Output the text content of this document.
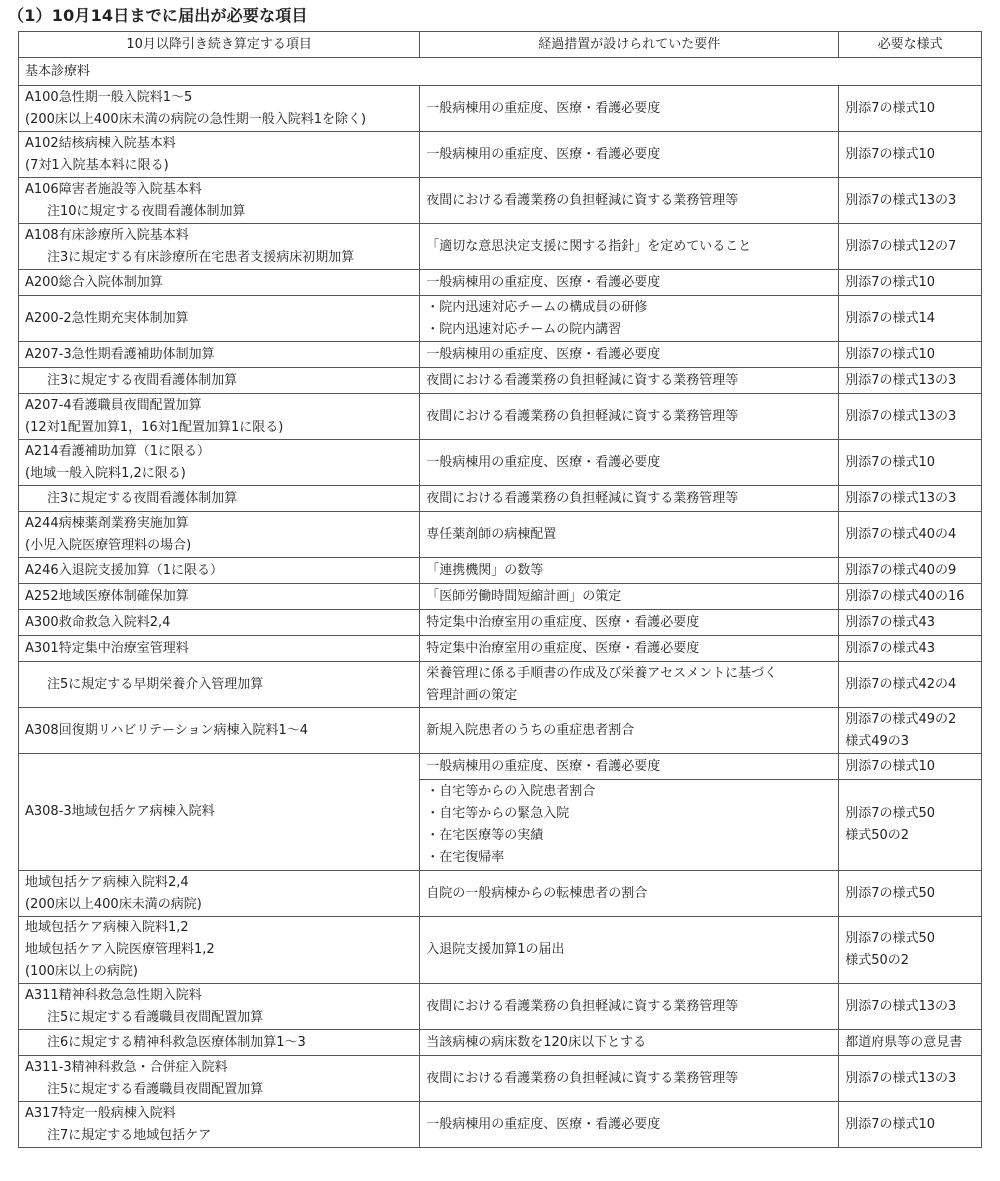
（1）10月14日までに届出が必要な項目
10月以降引き続き算定する項目	経過措置が設けられていた要件	必要な様式
基本診療料		

A100急性期一般入院料1～5
(200床以上400床未満の病院の急性期一般入院料1を除く)	一般病棟用の重症度、医療・看護必要度	別添7の様式10

A102結核病棟入院基本料
(7対1入院基本料に限る)	一般病棟用の重症度、医療・看護必要度	別添7の様式10

A106障害者施設等入院基本料
注10に規定する夜間看護体制加算	夜間における看護業務の負担軽減に資する業務管理等	別添7の様式13の3

A108有床診療所入院基本料
注3に規定する有床診療所在宅患者支援病床初期加算	「適切な意思決定支援に関する指針」を定めていること	別添7の様式12の7

A200総合入院体制加算	一般病棟用の重症度、医療・看護必要度	別添7の様式10

A200-2急性期充実体制加算	・院内迅速対応チームの構成員の研修
・院内迅速対応チームの院内講習	別添7の様式14

A207-3急性期看護補助体制加算	一般病棟用の重症度、医療・看護必要度	別添7の様式10

注3に規定する夜間看護体制加算	夜間における看護業務の負担軽減に資する業務管理等	別添7の様式13の3

A207-4看護職員夜間配置加算
(12対1配置加算1，16対1配置加算1に限る)	夜間における看護業務の負担軽減に資する業務管理等	別添7の様式13の3

A214看護補助加算（1に限る）
(地域一般入院料1,2に限る)	一般病棟用の重症度、医療・看護必要度	別添7の様式10

注3に規定する夜間看護体制加算	夜間における看護業務の負担軽減に資する業務管理等	別添7の様式13の3

A244病棟薬剤業務実施加算
(小児入院医療管理料の場合)	専任薬剤師の病棟配置	別添7の様式40の4

A246入退院支援加算（1に限る）	「連携機関」の数等	別添7の様式40の9

A252地域医療体制確保加算	「医師労働時間短縮計画」の策定	別添7の様式40の16

A300救命救急入院料2,4	特定集中治療室用の重症度、医療・看護必要度	別添7の様式43

A301特定集中治療室管理料	特定集中治療室用の重症度、医療・看護必要度	別添7の様式43

注5に規定する早期栄養介入管理加算	栄養管理に係る手順書の作成及び栄養アセスメントに基づく
管理計画の策定	別添7の様式42の4

A308回復期リハビリテーション病棟入院料1～4	新規入院患者のうちの重症患者割合	別添7の様式49の2
様式49の3

A308-3地域包括ケア病棟入院料	一般病棟用の重症度、医療・看護必要度	別添7の様式10

	・自宅等からの入院患者割合
・自宅等からの緊急入院
・在宅医療等の実績
・在宅復帰率	別添7の様式50
様式50の2

地域包括ケア病棟入院料2,4
(200床以上400床未満の病院)	自院の一般病棟からの転棟患者の割合	別添7の様式50

地域包括ケア病棟入院料1,2
地域包括ケア入院医療管理料1,2
(100床以上の病院)	入退院支援加算1の届出	別添7の様式50
様式50の2

A311精神科救急急性期入院料
注5に規定する看護職員夜間配置加算	夜間における看護業務の負担軽減に資する業務管理等	別添7の様式13の3

注6に規定する精神科救急医療体制加算1～3	当該病棟の病床数を120床以下とする	都道府県等の意見書

A311-3精神科救急・合併症入院料
注5に規定する看護職員夜間配置加算	夜間における看護業務の負担軽減に資する業務管理等	別添7の様式13の3

A317特定一般病棟入院料
注7に規定する地域包括ケア	一般病棟用の重症度、医療・看護必要度	別添7の様式10
